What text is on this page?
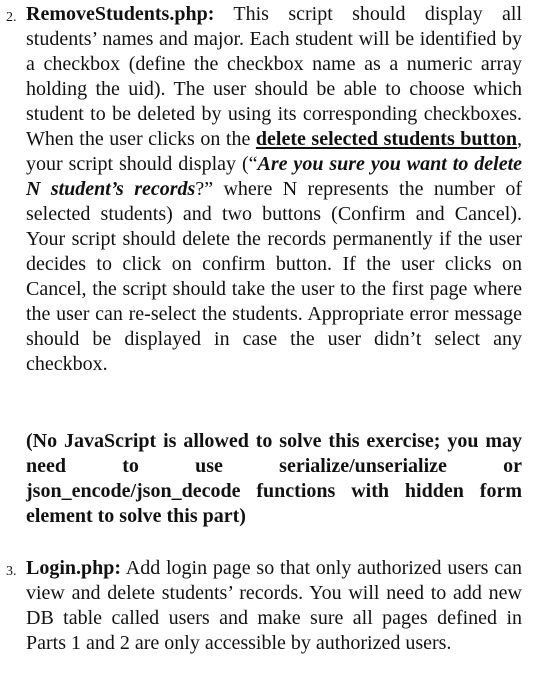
2. RemoveStudents.php: This script should display all students’ names and major. Each student will be identified by a checkbox (define the checkbox name as a numeric array holding the uid). The user should be able to choose which student to be deleted by using its corresponding checkboxes. When the user clicks on the delete selected students button, your script should display (“Are you sure you want to delete N student’s records?” where N represents the number of selected students) and two buttons (Confirm and Cancel). Your script should delete the records permanently if the user decides to click on confirm button. If the user clicks on Cancel, the script should take the user to the first page where the user can re-select the students. Appropriate error message should be displayed in case the user didn’t select any checkbox.

(No JavaScript is allowed to solve this exercise; you may need to use serialize/unserialize or json_encode/json_decode functions with hidden form element to solve this part)

3. Login.php: Add login page so that only authorized users can view and delete students’ records. You will need to add new DB table called users and make sure all pages defined in Parts 1 and 2 are only accessible by authorized users.
